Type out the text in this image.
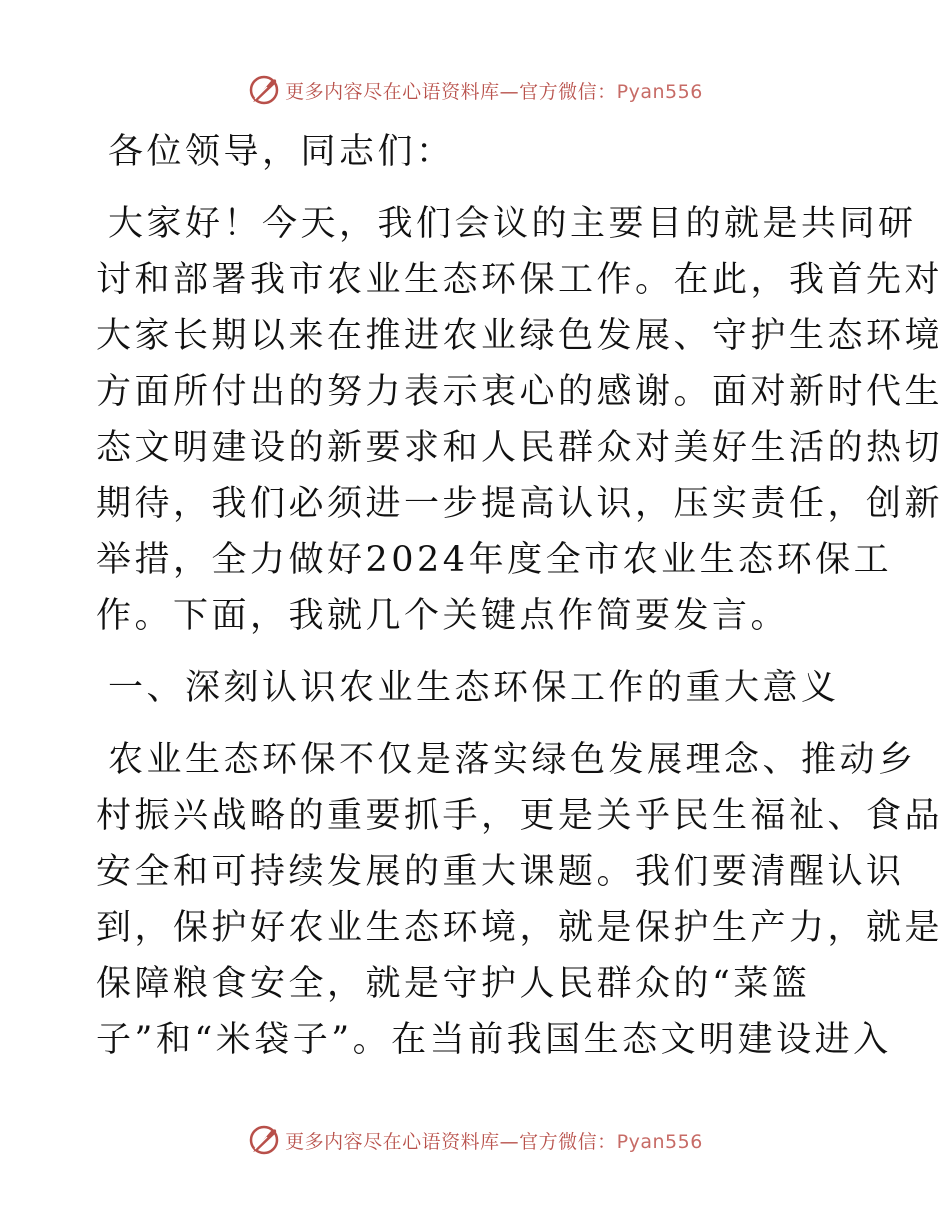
更多内容尽在心语资料库—官方微信：Pyan556
各位领导，同志们：
大家好！今天，我们会议的主要目的就是共同研
讨和部署我市农业生态环保工作。在此，我首先对
大家长期以来在推进农业绿色发展、守护生态环境
方面所付出的努力表示衷心的感谢。面对新时代生
态文明建设的新要求和人民群众对美好生活的热切
期待，我们必须进一步提高认识，压实责任，创新
举措，全力做好2024年度全市农业生态环保工
作。下面，我就几个关键点作简要发言。
一、深刻认识农业生态环保工作的重大意义
农业生态环保不仅是落实绿色发展理念、推动乡
村振兴战略的重要抓手，更是关乎民生福祉、食品
安全和可持续发展的重大课题。我们要清醒认识
到，保护好农业生态环境，就是保护生产力，就是
保障粮食安全，就是守护人民群众的“菜篮
子”和“米袋子”。在当前我国生态文明建设进入
更多内容尽在心语资料库—官方微信：Pyan556
